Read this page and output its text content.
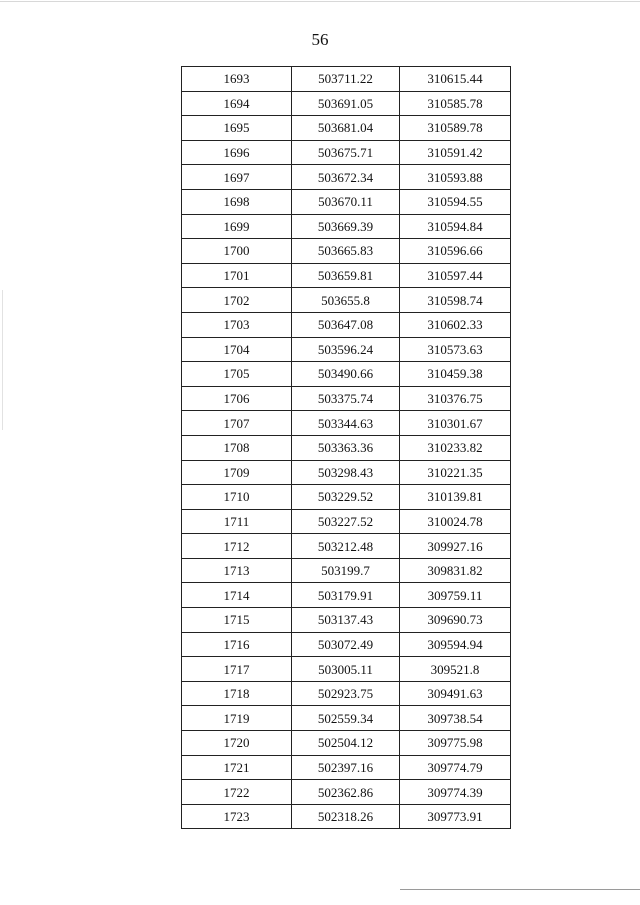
56
1693	503711.22	310615.44
1694	503691.05	310585.78
1695	503681.04	310589.78
1696	503675.71	310591.42
1697	503672.34	310593.88
1698	503670.11	310594.55
1699	503669.39	310594.84
1700	503665.83	310596.66
1701	503659.81	310597.44
1702	503655.8	310598.74
1703	503647.08	310602.33
1704	503596.24	310573.63
1705	503490.66	310459.38
1706	503375.74	310376.75
1707	503344.63	310301.67
1708	503363.36	310233.82
1709	503298.43	310221.35
1710	503229.52	310139.81
1711	503227.52	310024.78
1712	503212.48	309927.16
1713	503199.7	309831.82
1714	503179.91	309759.11
1715	503137.43	309690.73
1716	503072.49	309594.94
1717	503005.11	309521.8
1718	502923.75	309491.63
1719	502559.34	309738.54
1720	502504.12	309775.98
1721	502397.16	309774.79
1722	502362.86	309774.39
1723	502318.26	309773.91
